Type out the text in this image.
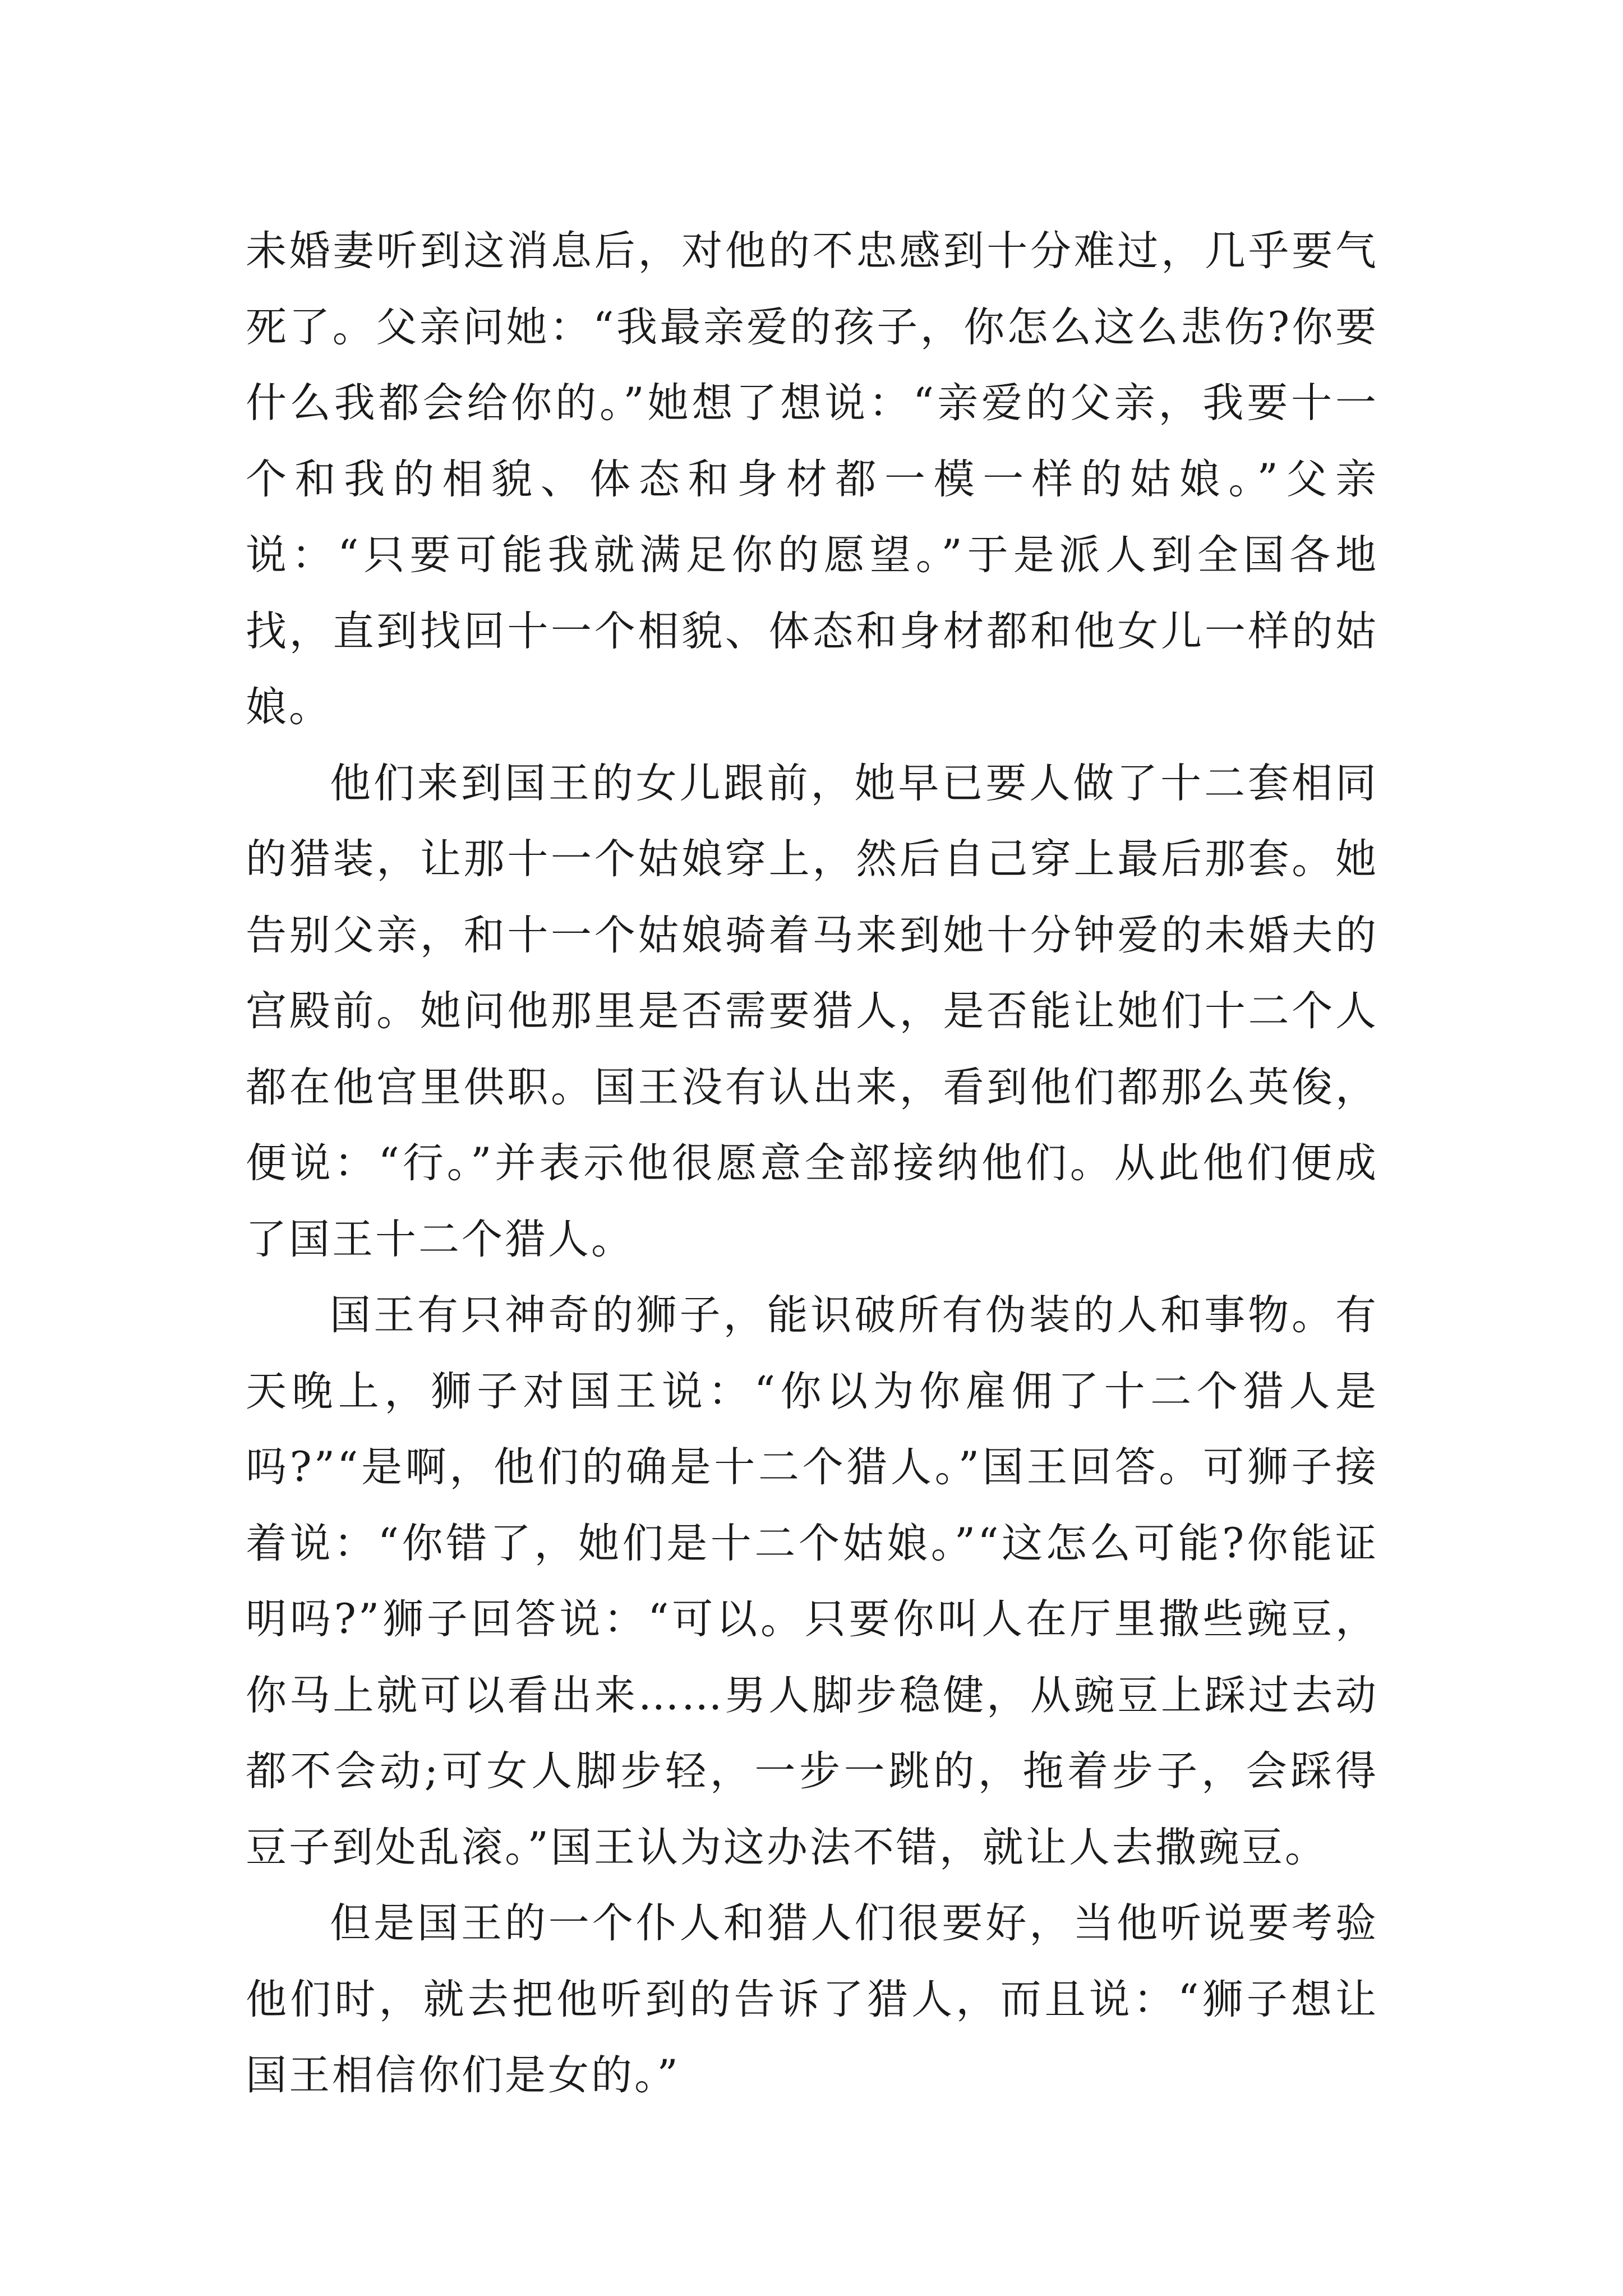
未婚妻听到这消息后，对他的不忠感到十分难过，几乎要气死了。父亲问她：“我最亲爱的孩子，你怎么这么悲伤?你要什么我都会给你的。”她想了想说：“亲爱的父亲，我要十一个和我的相貌、体态和身材都一模一样的姑娘。”父亲说：“只要可能我就满足你的愿望。”于是派人到全国各地找，直到找回十一个相貌、体态和身材都和他女儿一样的姑娘。

他们来到国王的女儿跟前，她早已要人做了十二套相同的猎装，让那十一个姑娘穿上，然后自己穿上最后那套。她告别父亲，和十一个姑娘骑着马来到她十分钟爱的未婚夫的宫殿前。她问他那里是否需要猎人，是否能让她们十二个人都在他宫里供职。国王没有认出来，看到他们都那么英俊，便说：“行。”并表示他很愿意全部接纳他们。从此他们便成了国王十二个猎人。

国王有只神奇的狮子，能识破所有伪装的人和事物。有天晚上，狮子对国王说：“你以为你雇佣了十二个猎人是吗?”“是啊，他们的确是十二个猎人。”国王回答。可狮子接着说：“你错了，她们是十二个姑娘。”“这怎么可能?你能证明吗?”狮子回答说：“可以。只要你叫人在厅里撒些豌豆，你马上就可以看出来……男人脚步稳健，从豌豆上踩过去动都不会动;可女人脚步轻，一步一跳的，拖着步子，会踩得豆子到处乱滚。”国王认为这办法不错，就让人去撒豌豆。

但是国王的一个仆人和猎人们很要好，当他听说要考验他们时，就去把他听到的告诉了猎人，而且说：“狮子想让国王相信你们是女的。”
